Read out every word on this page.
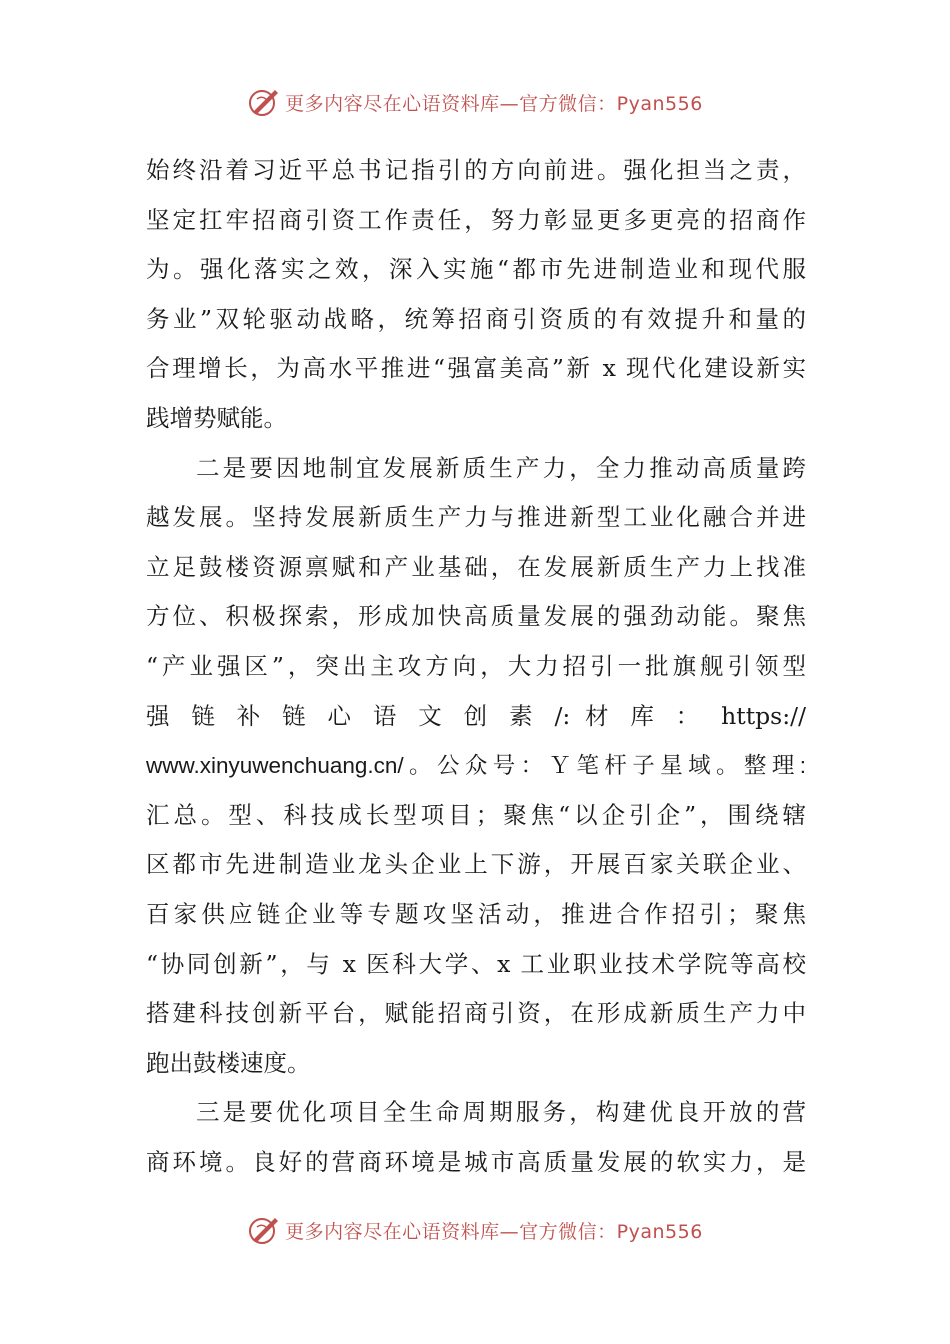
更多内容尽在心语资料库—官方微信：Pyan556
始终沿着习近平总书记指引的方向前进。强化担当之责，
坚定扛牢招商引资工作责任，努力彰显更多更亮的招商作
为。强化落实之效，深入实施“都市先进制造业和现代服
务业”双轮驱动战略，统筹招商引资质的有效提升和量的
合理增长，为高水平推进“强富美高”新 x 现代化建设新实
践增势赋能。
二是要因地制宜发展新质生产力，全力推动高质量跨
越发展。坚持发展新质生产力与推进新型工业化融合并进
立足鼓楼资源禀赋和产业基础，在发展新质生产力上找准
方位、积极探索，形成加快高质量发展的强劲动能。聚焦
“产业强区”，突出主攻方向，大力招引一批旗舰引领型
强 链 补 链 心 语 文 创 素 /: 材 库 ： https://
www.xinyuwenchuang.cn/。公众号：Ｙ笔杆子星域。整理:
汇总。型、科技成长型项目；聚焦“以企引企”，围绕辖
区都市先进制造业龙头企业上下游，开展百家关联企业、
百家供应链企业等专题攻坚活动，推进合作招引；聚焦
“协同创新”，与 x 医科大学、x 工业职业技术学院等高校
搭建科技创新平台，赋能招商引资，在形成新质生产力中
跑出鼓楼速度。
三是要优化项目全生命周期服务，构建优良开放的营
商环境。良好的营商环境是城市高质量发展的软实力，是
更多内容尽在心语资料库—官方微信：Pyan556
